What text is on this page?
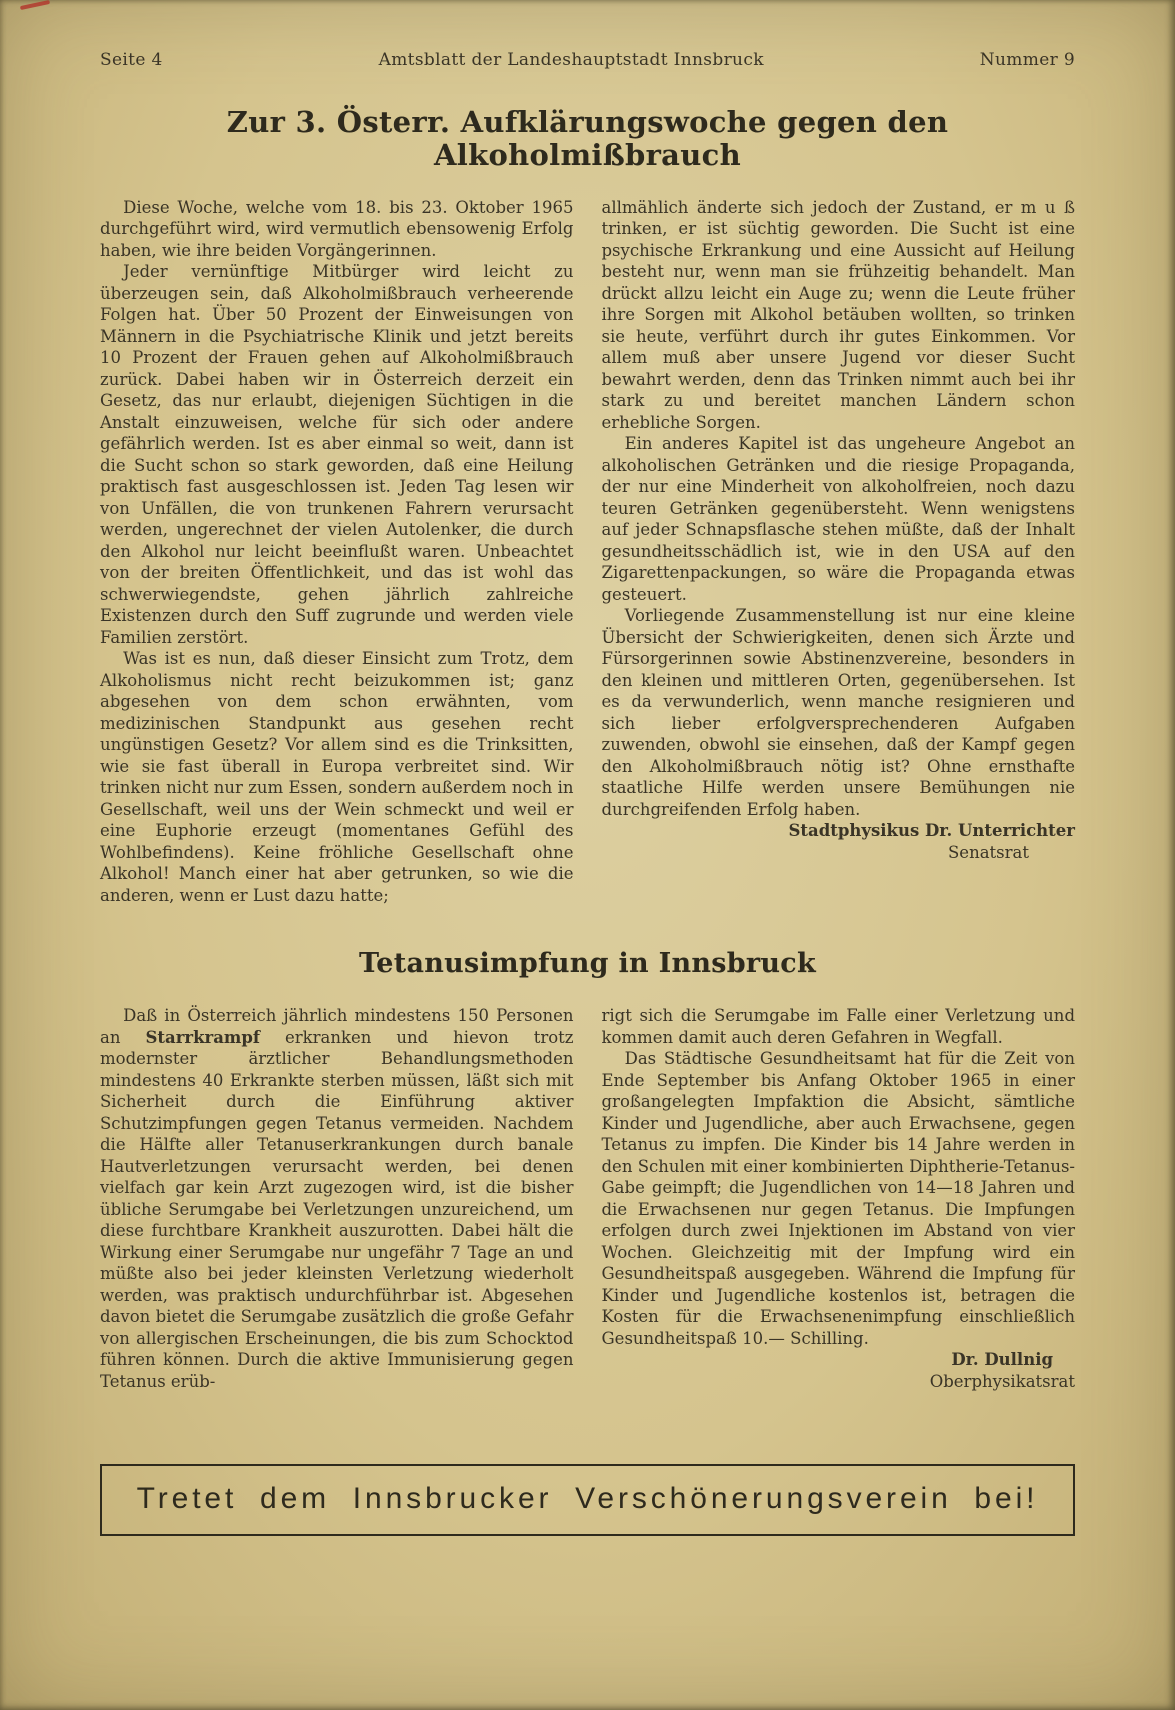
Seite 4	Amtsblatt der Landeshauptstadt Innsbruck	Nummer 9
Zur 3. Österr. Aufklärungswoche gegen den Alkoholmißbrauch

Diese Woche, welche vom 18. bis 23. Oktober 1965 durchgeführt wird, wird vermutlich ebensowenig Erfolg haben, wie ihre beiden Vorgängerinnen.

Jeder vernünftige Mitbürger wird leicht zu überzeugen sein, daß Alkoholmißbrauch verheerende Folgen hat. Über 50 Prozent der Einweisungen von Männern in die Psychiatrische Klinik und jetzt bereits 10 Prozent der Frauen gehen auf Alkoholmißbrauch zurück. Dabei haben wir in Österreich derzeit ein Gesetz, das nur erlaubt, diejenigen Süchtigen in die Anstalt einzuweisen, welche für sich oder andere gefährlich werden. Ist es aber einmal so weit, dann ist die Sucht schon so stark geworden, daß eine Heilung praktisch fast ausgeschlossen ist. Jeden Tag lesen wir von Unfällen, die von trunkenen Fahrern verursacht werden, ungerechnet der vielen Autolenker, die durch den Alkohol nur leicht beeinflußt waren. Unbeachtet von der breiten Öffentlichkeit, und das ist wohl das schwerwiegendste, gehen jährlich zahlreiche Existenzen durch den Suff zugrunde und werden viele Familien zerstört.

Was ist es nun, daß dieser Einsicht zum Trotz, dem Alkoholismus nicht recht beizukommen ist; ganz abgesehen von dem schon erwähnten, vom medizinischen Standpunkt aus gesehen recht ungünstigen Gesetz? Vor allem sind es die Trinksitten, wie sie fast überall in Europa verbreitet sind. Wir trinken nicht nur zum Essen, sondern außerdem noch in Gesellschaft, weil uns der Wein schmeckt und weil er eine Euphorie erzeugt (momentanes Gefühl des Wohlbefindens). Keine fröhliche Gesellschaft ohne Alkohol! Manch einer hat aber getrunken, so wie die anderen, wenn er Lust dazu hatte;

allmählich änderte sich jedoch der Zustand, er m u ß trinken, er ist süchtig geworden. Die Sucht ist eine psychische Erkrankung und eine Aussicht auf Heilung besteht nur, wenn man sie frühzeitig behandelt. Man drückt allzu leicht ein Auge zu; wenn die Leute früher ihre Sorgen mit Alkohol betäuben wollten, so trinken sie heute, verführt durch ihr gutes Einkommen. Vor allem muß aber unsere Jugend vor dieser Sucht bewahrt werden, denn das Trinken nimmt auch bei ihr stark zu und bereitet manchen Ländern schon erhebliche Sorgen.

Ein anderes Kapitel ist das ungeheure Angebot an alkoholischen Getränken und die riesige Propaganda, der nur eine Minderheit von alkoholfreien, noch dazu teuren Getränken gegenübersteht. Wenn wenigstens auf jeder Schnapsflasche stehen müßte, daß der Inhalt gesundheitsschädlich ist, wie in den USA auf den Zigarettenpackungen, so wäre die Propaganda etwas gesteuert.

Vorliegende Zusammenstellung ist nur eine kleine Übersicht der Schwierigkeiten, denen sich Ärzte und Fürsorgerinnen sowie Abstinenzvereine, besonders in den kleinen und mittleren Orten, gegenübersehen. Ist es da verwunderlich, wenn manche resignieren und sich lieber erfolgversprechenderen Aufgaben zuwenden, obwohl sie einsehen, daß der Kampf gegen den Alkoholmißbrauch nötig ist? Ohne ernsthafte staatliche Hilfe werden unsere Bemühungen nie durchgreifenden Erfolg haben.

Stadtphysikus Dr. Unterrichter

Senatsrat

Tetanusimpfung in Innsbruck

Daß in Österreich jährlich mindestens 150 Personen an Starrkrampf erkranken und hievon trotz modernster ärztlicher Behandlungsmethoden mindestens 40 Erkrankte sterben müssen, läßt sich mit Sicherheit durch die Einführung aktiver Schutzimpfungen gegen Tetanus vermeiden. Nachdem die Hälfte aller Tetanuserkrankungen durch banale Hautverletzungen verursacht werden, bei denen vielfach gar kein Arzt zugezogen wird, ist die bisher übliche Serumgabe bei Verletzungen unzureichend, um diese furchtbare Krankheit auszurotten. Dabei hält die Wirkung einer Serumgabe nur ungefähr 7 Tage an und müßte also bei jeder kleinsten Verletzung wiederholt werden, was praktisch undurchführbar ist. Abgesehen davon bietet die Serumgabe zusätzlich die große Gefahr von allergischen Erscheinungen, die bis zum Schocktod führen können. Durch die aktive Immunisierung gegen Tetanus erüb-

rigt sich die Serumgabe im Falle einer Verletzung und kommen damit auch deren Gefahren in Wegfall.

Das Städtische Gesundheitsamt hat für die Zeit von Ende September bis Anfang Oktober 1965 in einer großangelegten Impfaktion die Absicht, sämtliche Kinder und Jugendliche, aber auch Erwachsene, gegen Tetanus zu impfen. Die Kinder bis 14 Jahre werden in den Schulen mit einer kombinierten Diphtherie-Tetanus-Gabe geimpft; die Jugendlichen von 14—18 Jahren und die Erwachsenen nur gegen Tetanus. Die Impfungen erfolgen durch zwei Injektionen im Abstand von vier Wochen. Gleichzeitig mit der Impfung wird ein Gesundheitspaß ausgegeben. Während die Impfung für Kinder und Jugendliche kostenlos ist, betragen die Kosten für die Erwachsenenimpfung einschließlich Gesundheitspaß 10.— Schilling.

Dr. Dullnig

Oberphysikatsrat

Tretet dem Innsbrucker Verschönerungsverein bei!
